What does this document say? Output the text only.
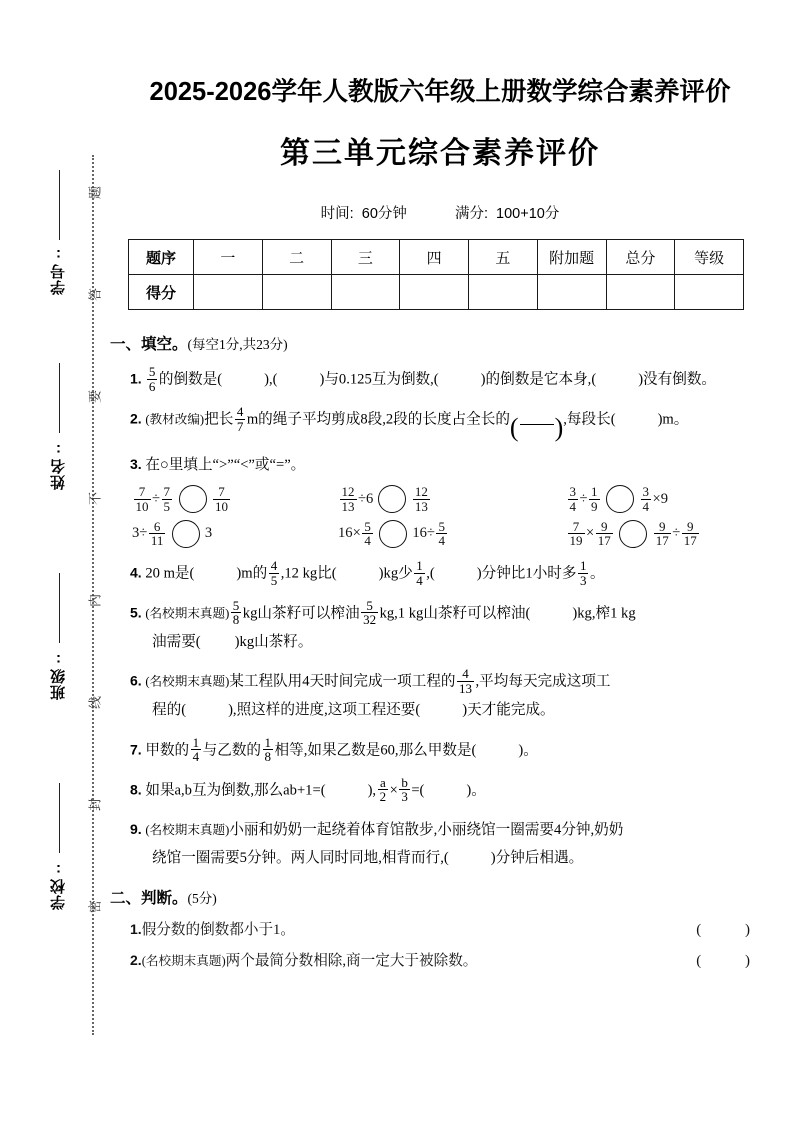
学号:
姓名:
班级:
学校:
题
答
要
不
内
线
封
密
2025-2026学年人教版六年级上册数学综合素养评价
第三单元综合素养评价
时间: 60分钟	满分: 100+10分
题序	一	二	三	四	五	附加题	总分	等级
得分								
一、填空。(每空1分,共23分)
1. $\frac{5}{6}$ 的倒数是(	),(	)与0.125互为倒数,(	)的倒数是它本身,(	)没有倒数。
2. (教材改编)把长 $\frac{4}{7}$ m的绳子平均剪成8段,2段的长度占全长的( ),每段长(	)m。
3. 在○里填上“>”“<”或“=”。
$\frac{7}{10} \div \frac{7}{5}$	$\frac{7}{10}$	$\frac{12}{13} \div 6$	$\frac{12}{13}$	$\frac{3}{4} \div \frac{1}{9}$	$\frac{3}{4} \times 9$
$3\div \frac{6}{11}$	3	$16\times \frac{5}{4}$	$16\div \frac{5}{4}$	$\frac{7}{19} \times \frac{9}{17}$	$\frac{9}{17} \div \frac{9}{17}$
4. 20 m是(	)m的 $\frac{4}{5} ,12$ kg比(	)kg少 $\frac{1}{4}$ ,(	)分钟比1小时多 $\frac{1}{3}$ 。
5. (名校期末真题) $\frac{5}{8}$ kg山茶籽可以榨油 $\frac{5}{32} kg,1$ kg山茶籽可以榨油(	)kg,榨1 kg
油需要( )kg山茶籽。
6. (名校期末真题)某工程队用4天时间完成一项工程的 $\frac{4}{13}$ ,平均每天完成这项工
程的(	),照这样的进度,这项工程还要(	)天才能完成。
7. 甲数的 $\frac{1}{4}$ 与乙数的 $\frac{1}{8}$ 相等,如果乙数是60,那么甲数是(	)。
8. 如果a,b互为倒数,那么ab+1=(	), $\frac{a}{2} \times \frac{b}{3}$ =(	)。
9. (名校期末真题)小丽和奶奶一起绕着体育馆散步,小丽绕馆一圈需要4分钟,奶奶
绕馆一圈需要5分钟。两人同时同地,相背而行,(	)分钟后相遇。
二、判断。(5分)
1.假分数的倒数都小于1。	( )
2.(名校期末真题)两个最简分数相除,商一定大于被除数。	( )
